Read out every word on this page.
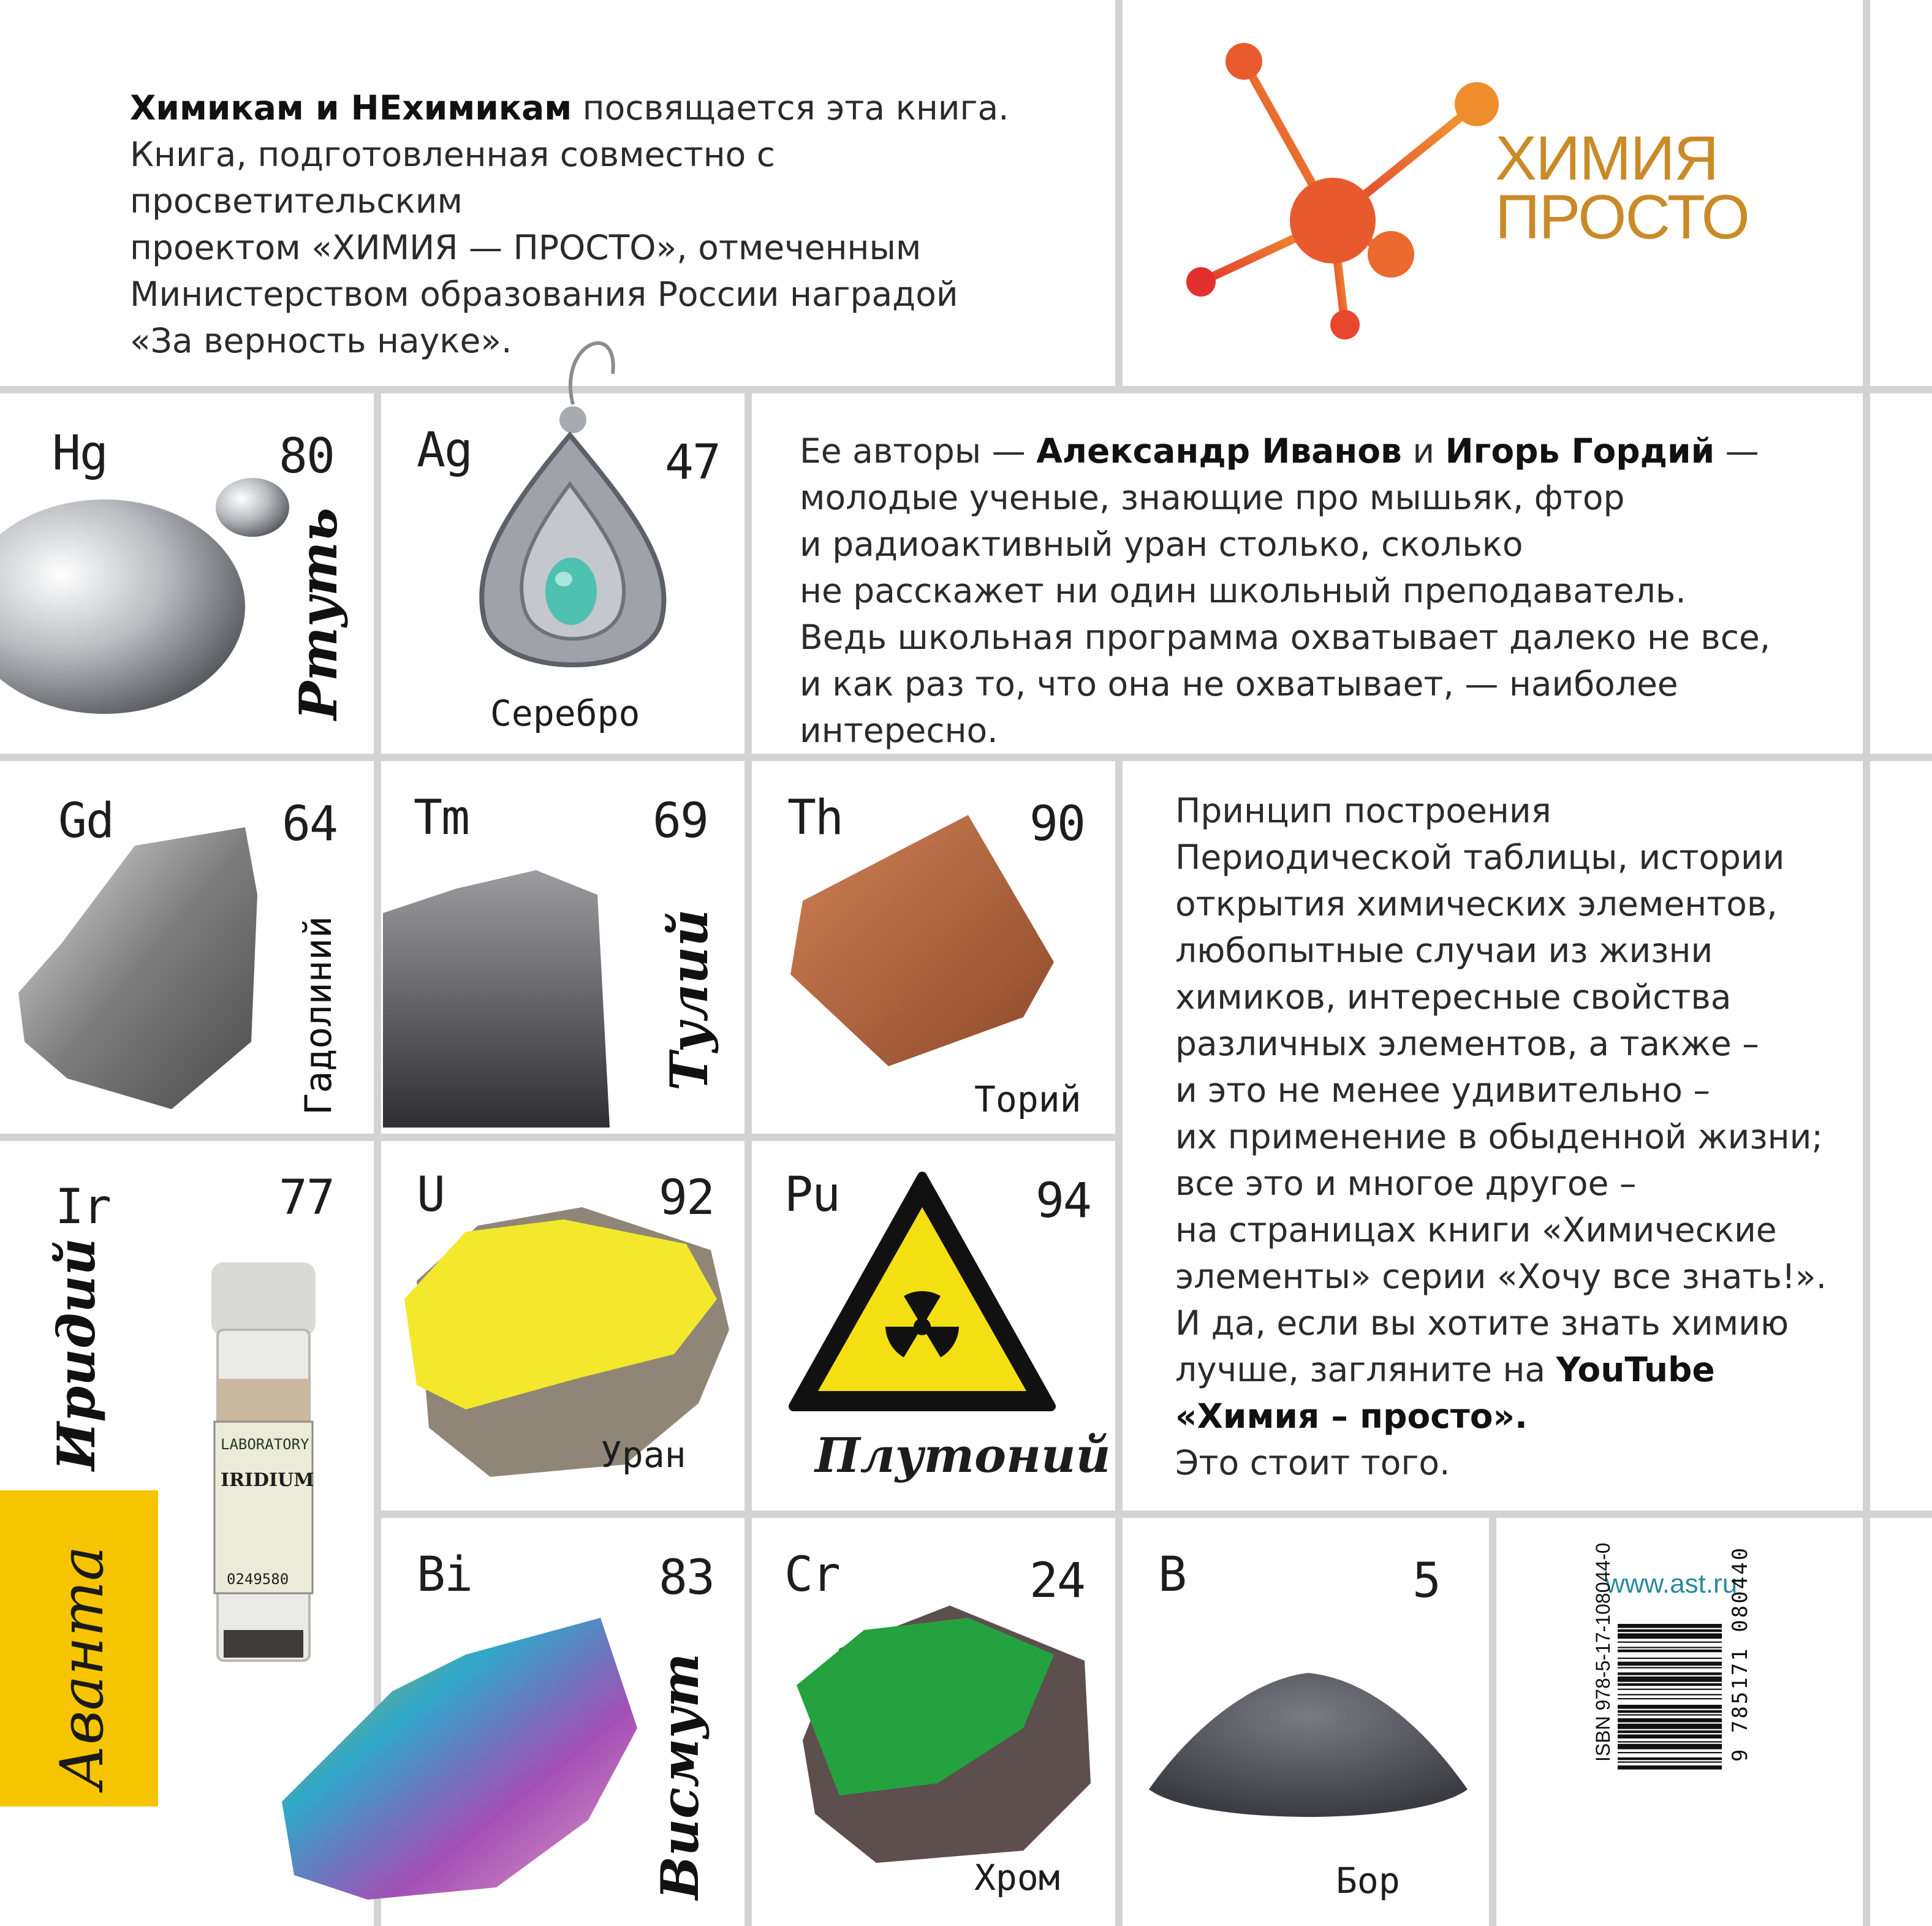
Химикам и НЕхимикам посвящается эта книга.

Книга, подготовленная совместно с просветительским

проектом «ХИМИЯ — ПРОСТО», отмеченным

Министерством образования России наградой

«За верность науке».

ХИМИЯ
ПРОСТО

Ее авторы — Александр Иванов и Игорь Гордий —

молодые ученые, знающие про мышьяк, фтор

и радиоактивный уран столько, сколько

не расскажет ни один школьный преподаватель.

Ведь школьная программа охватывает далеко не все,

и как раз то, что она не охватывает, — наиболее интересно.

Принцип построения

Периодической таблицы, истории

открытия химических элементов,

любопытные случаи из жизни

химиков, интересные свойства

различных элементов, а также –

и это не менее удивительно –

их применение в обыденной жизни;

все это и многое другое –

на страницах книги «Химические

элементы» серии «Хочу все знать!».

И да, если вы хотите знать химию

лучше, загляните на YouTube

«Химия – просто».

Это стоит того.

Hg	80
Ртуть
Ag	47
Серебро
Gd	64
Гадолиний
Tm	69
Тулий
Th	90
Торий
Ir	77
Иридий	LABORATORY
IRIDIUM
0249580
U	92
Уран
Pu	94
Плутоний
Bi	83
Висмут
Cr	24
Хром
B	5
Бор
Аванта	www.ast.ru
ISBN 978-5-17-108044-0	9 785171 080440
